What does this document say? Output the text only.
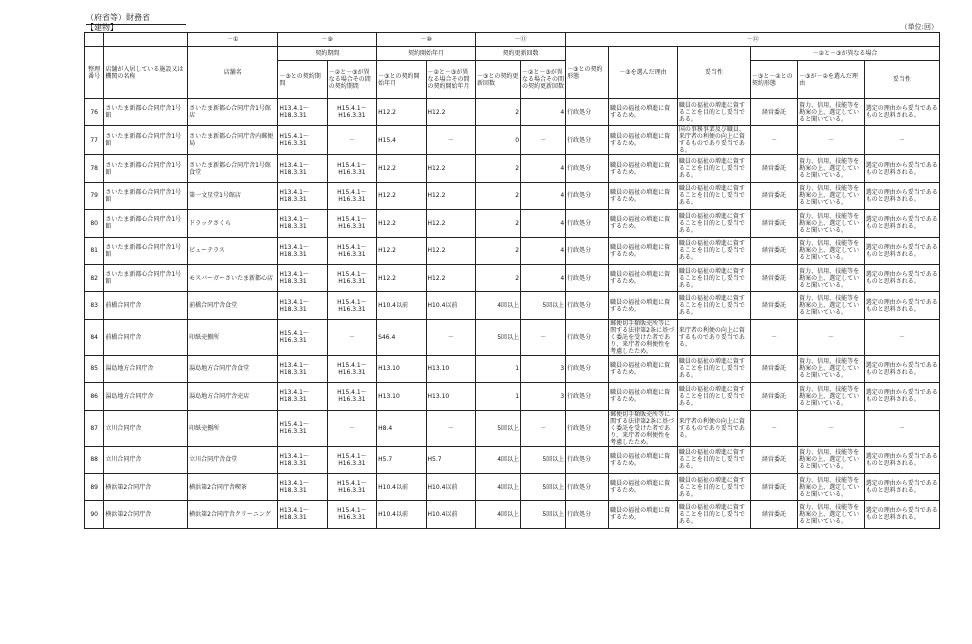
（府省等）財務省
【建物】	（単位:回）
		－①	－⑨		－⑩		－⑪		－⑫					
整理番号	店舗が入居している施設又は機関の名称	店舗名	契約期間		契約開始年月		契約更新回数		－③との契約形態	－③を選んだ理由	妥当性	－②と－③が異なる場合		
			－③との契約期間	－②と－③が異なる場合その間の契約期間	－③との契約開始年月	－②と－③が異なる場合その間の契約開始年月	－③との契約更新回数	－②と－③が異なる場合その間の契約更新回数				－③と－②との契約形態	－③が－②を選んだ理由	妥当性
76	さいたま新都心合同庁舎1号館	さいたま新都心合同庁舎1号館店	H13.4.1～H18.3.31	H15.4.1～H16.3.31	H12.2	H12.2	2	4	行政処分	職員の福祉の増進に資するため。	職員の福祉の増進に資することを目的とし妥当である。	経営委託	資力、信用、技能等を勘案の上、選定していると聞いている。	選定の理由から妥当であるものと思料される。
77	さいたま新都心合同庁舎1号館	さいたま新都心合同庁舎内郵便局	H15.4.1～H16.3.31	－	H15.4	－	0	－	行政処分	職員の福祉の増進に資するため。	国の事務事業及び職員、来庁者の利便の向上に資するものであり妥当である。	－	－	－
78	さいたま新都心合同庁舎1号館	さいたま新都心合同庁舎1号館食堂	H13.4.1～H18.3.31	H15.4.1～H16.3.31	H12.2	H12.2	2	4	行政処分	職員の福祉の増進に資するため。	職員の福祉の増進に資することを目的とし妥当である。	経営委託	資力、信用、技能等を勘案の上、選定していると聞いている。	選定の理由から妥当であるものと思料される。
79	さいたま新都心合同庁舎1号館	第一文星堂1号館店	H13.4.1～H18.3.31	H15.4.1～H16.3.31	H12.2	H12.2	2	4	行政処分	職員の福祉の増進に資するため。	職員の福祉の増進に資することを目的とし妥当である。	経営委託	資力、信用、技能等を勘案の上、選定していると聞いている。	選定の理由から妥当であるものと思料される。
80	さいたま新都心合同庁舎1号館	ドラックさくら	H13.4.1～H18.3.31	H15.4.1～H16.3.31	H12.2	H12.2	2	4	行政処分	職員の福祉の増進に資するため。	職員の福祉の増進に資することを目的とし妥当である。	経営委託	資力、信用、技能等を勘案の上、選定していると聞いている。	選定の理由から妥当であるものと思料される。
81	さいたま新都心合同庁舎1号館	ビューテラス	H13.4.1～H18.3.31	H15.4.1～H16.3.31	H12.2	H12.2	2	4	行政処分	職員の福祉の増進に資するため。	職員の福祉の増進に資することを目的とし妥当である。	経営委託	資力、信用、技能等を勘案の上、選定していると聞いている。	選定の理由から妥当であるものと思料される。
82	さいたま新都心合同庁舎1号館	モスバーガーさいたま新都心店	H13.4.1～H18.3.31	H15.4.1～H16.3.31	H12.2	H12.2	2	4	行政処分	職員の福祉の増進に資するため。	職員の福祉の増進に資することを目的とし妥当である。	経営委託	資力、信用、技能等を勘案の上、選定していると聞いている。	選定の理由から妥当であるものと思料される。
83	前橋合同庁舎	前橋合同庁舎食堂	H13.4.1～H18.3.31	H15.4.1～H16.3.31	H10.4以前	H10.4以前	4回以上	5回以上	行政処分	職員の福祉の増進に資するため。	職員の福祉の増進に資することを目的とし妥当である。	経営委託	資力、信用、技能等を勘案の上、選定していると聞いている。	選定の理由から妥当であるものと思料される。
84	前橋合同庁舎	印紙売捌所	H15.4.1～H16.3.31	－	S46.4	－	5回以上	－	行政処分	郵便切手類販売所等に関する法律第2条に基づく委託を受けた者であり、来庁者の利便性を考慮したため。	来庁者の利便の向上に資するものであり妥当である。	－	－	－
85	湯島地方合同庁舎	湯島地方合同庁舎食堂	H13.4.1～H18.3.31	H15.4.1～H16.3.31	H13.10	H13.10	1	3	行政処分	職員の福祉の増進に資するため。	職員の福祉の増進に資することを目的とし妥当である。	経営委託	資力、信用、技能等を勘案の上、選定していると聞いている。	選定の理由から妥当であるものと思料される。
86	湯島地方合同庁舎	湯島地方合同庁舎売店	H13.4.1～H18.3.31	H15.4.1～H16.3.31	H13.10	H13.10	1	3	行政処分	職員の福祉の増進に資するため。	職員の福祉の増進に資することを目的とし妥当である。	経営委託	資力、信用、技能等を勘案の上、選定していると聞いている。	選定の理由から妥当であるものと思料される。
87	立川合同庁舎	印紙売捌所	H15.4.1～H16.3.31	－	H8.4	－	5回以上	－	行政処分	郵便切手類販売所等に関する法律第2条に基づく委託を受けた者であり、来庁者の利便性を考慮したため。	来庁者の利便の向上に資するものであり妥当である。	－	－	－
88	立川合同庁舎	立川合同庁舎食堂	H13.4.1～H18.3.31	H15.4.1～H16.3.31	H5.7	H5.7	4回以上	5回以上	行政処分	職員の福祉の増進に資するため。	職員の福祉の増進に資することを目的とし妥当である。	経営委託	資力、信用、技能等を勘案の上、選定していると聞いている。	選定の理由から妥当であるものと思料される。
89	横浜第2合同庁舎	横浜第2合同庁舎喫茶	H13.4.1～H18.3.31	H15.4.1～H16.3.31	H10.4以前	H10.4以前	4回以上	5回以上	行政処分	職員の福祉の増進に資するため。	職員の福祉の増進に資することを目的とし妥当である。	経営委託	資力、信用、技能等を勘案の上、選定していると聞いている。	選定の理由から妥当であるものと思料される。
90	横浜第2合同庁舎	横浜第2合同庁舎クリーニング	H13.4.1～H18.3.31	H15.4.1～H16.3.31	H10.4以前	H10.4以前	4回以上	5回以上	行政処分	職員の福祉の増進に資するため。	職員の福祉の増進に資することを目的とし妥当である。	経営委託	資力、信用、技能等を勘案の上、選定していると聞いている。	選定の理由から妥当であるものと思料される。
